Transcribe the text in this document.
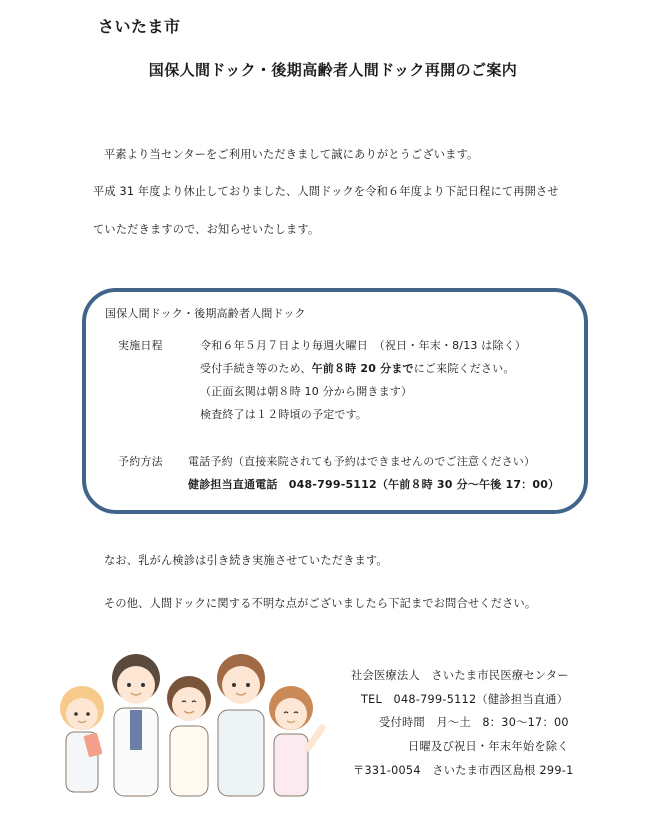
さいたま市
国保人間ドック・後期高齢者人間ドック再開のご案内
平素より当センターをご利用いただきまして誠にありがとうございます。
平成 31 年度より休止しておりました、人間ドックを令和６年度より下記日程にて再開させ
ていただきますので、お知らせいたします。
国保人間ドック・後期高齢者人間ドック
実施日程	令和６年５月７日より毎週火曜日　（祝日・年末・8/13 は除く）
受付手続き等のため、午前８時 20 分までにご来院ください。
（正面玄関は朝８時 10 分から開きます）
検査終了は１２時頃の予定です。
予約方法 電話予約（直接来院されても予約はできませんのでご注意ください）
健診担当直通電話　048-799-5112（午前８時 30 分～午後 17：00）
なお、乳がん検診は引き続き実施させていただきます。
その他、人間ドックに関する不明な点がございましたら下記までお問合せください。
社会医療法人　さいたま市民医療センター
TEL　048-799-5112（健診担当直通）
受付時間　月～土　8：30～17：00
日曜及び祝日・年末年始を除く
〒331-0054　さいたま市西区島根 299-1
